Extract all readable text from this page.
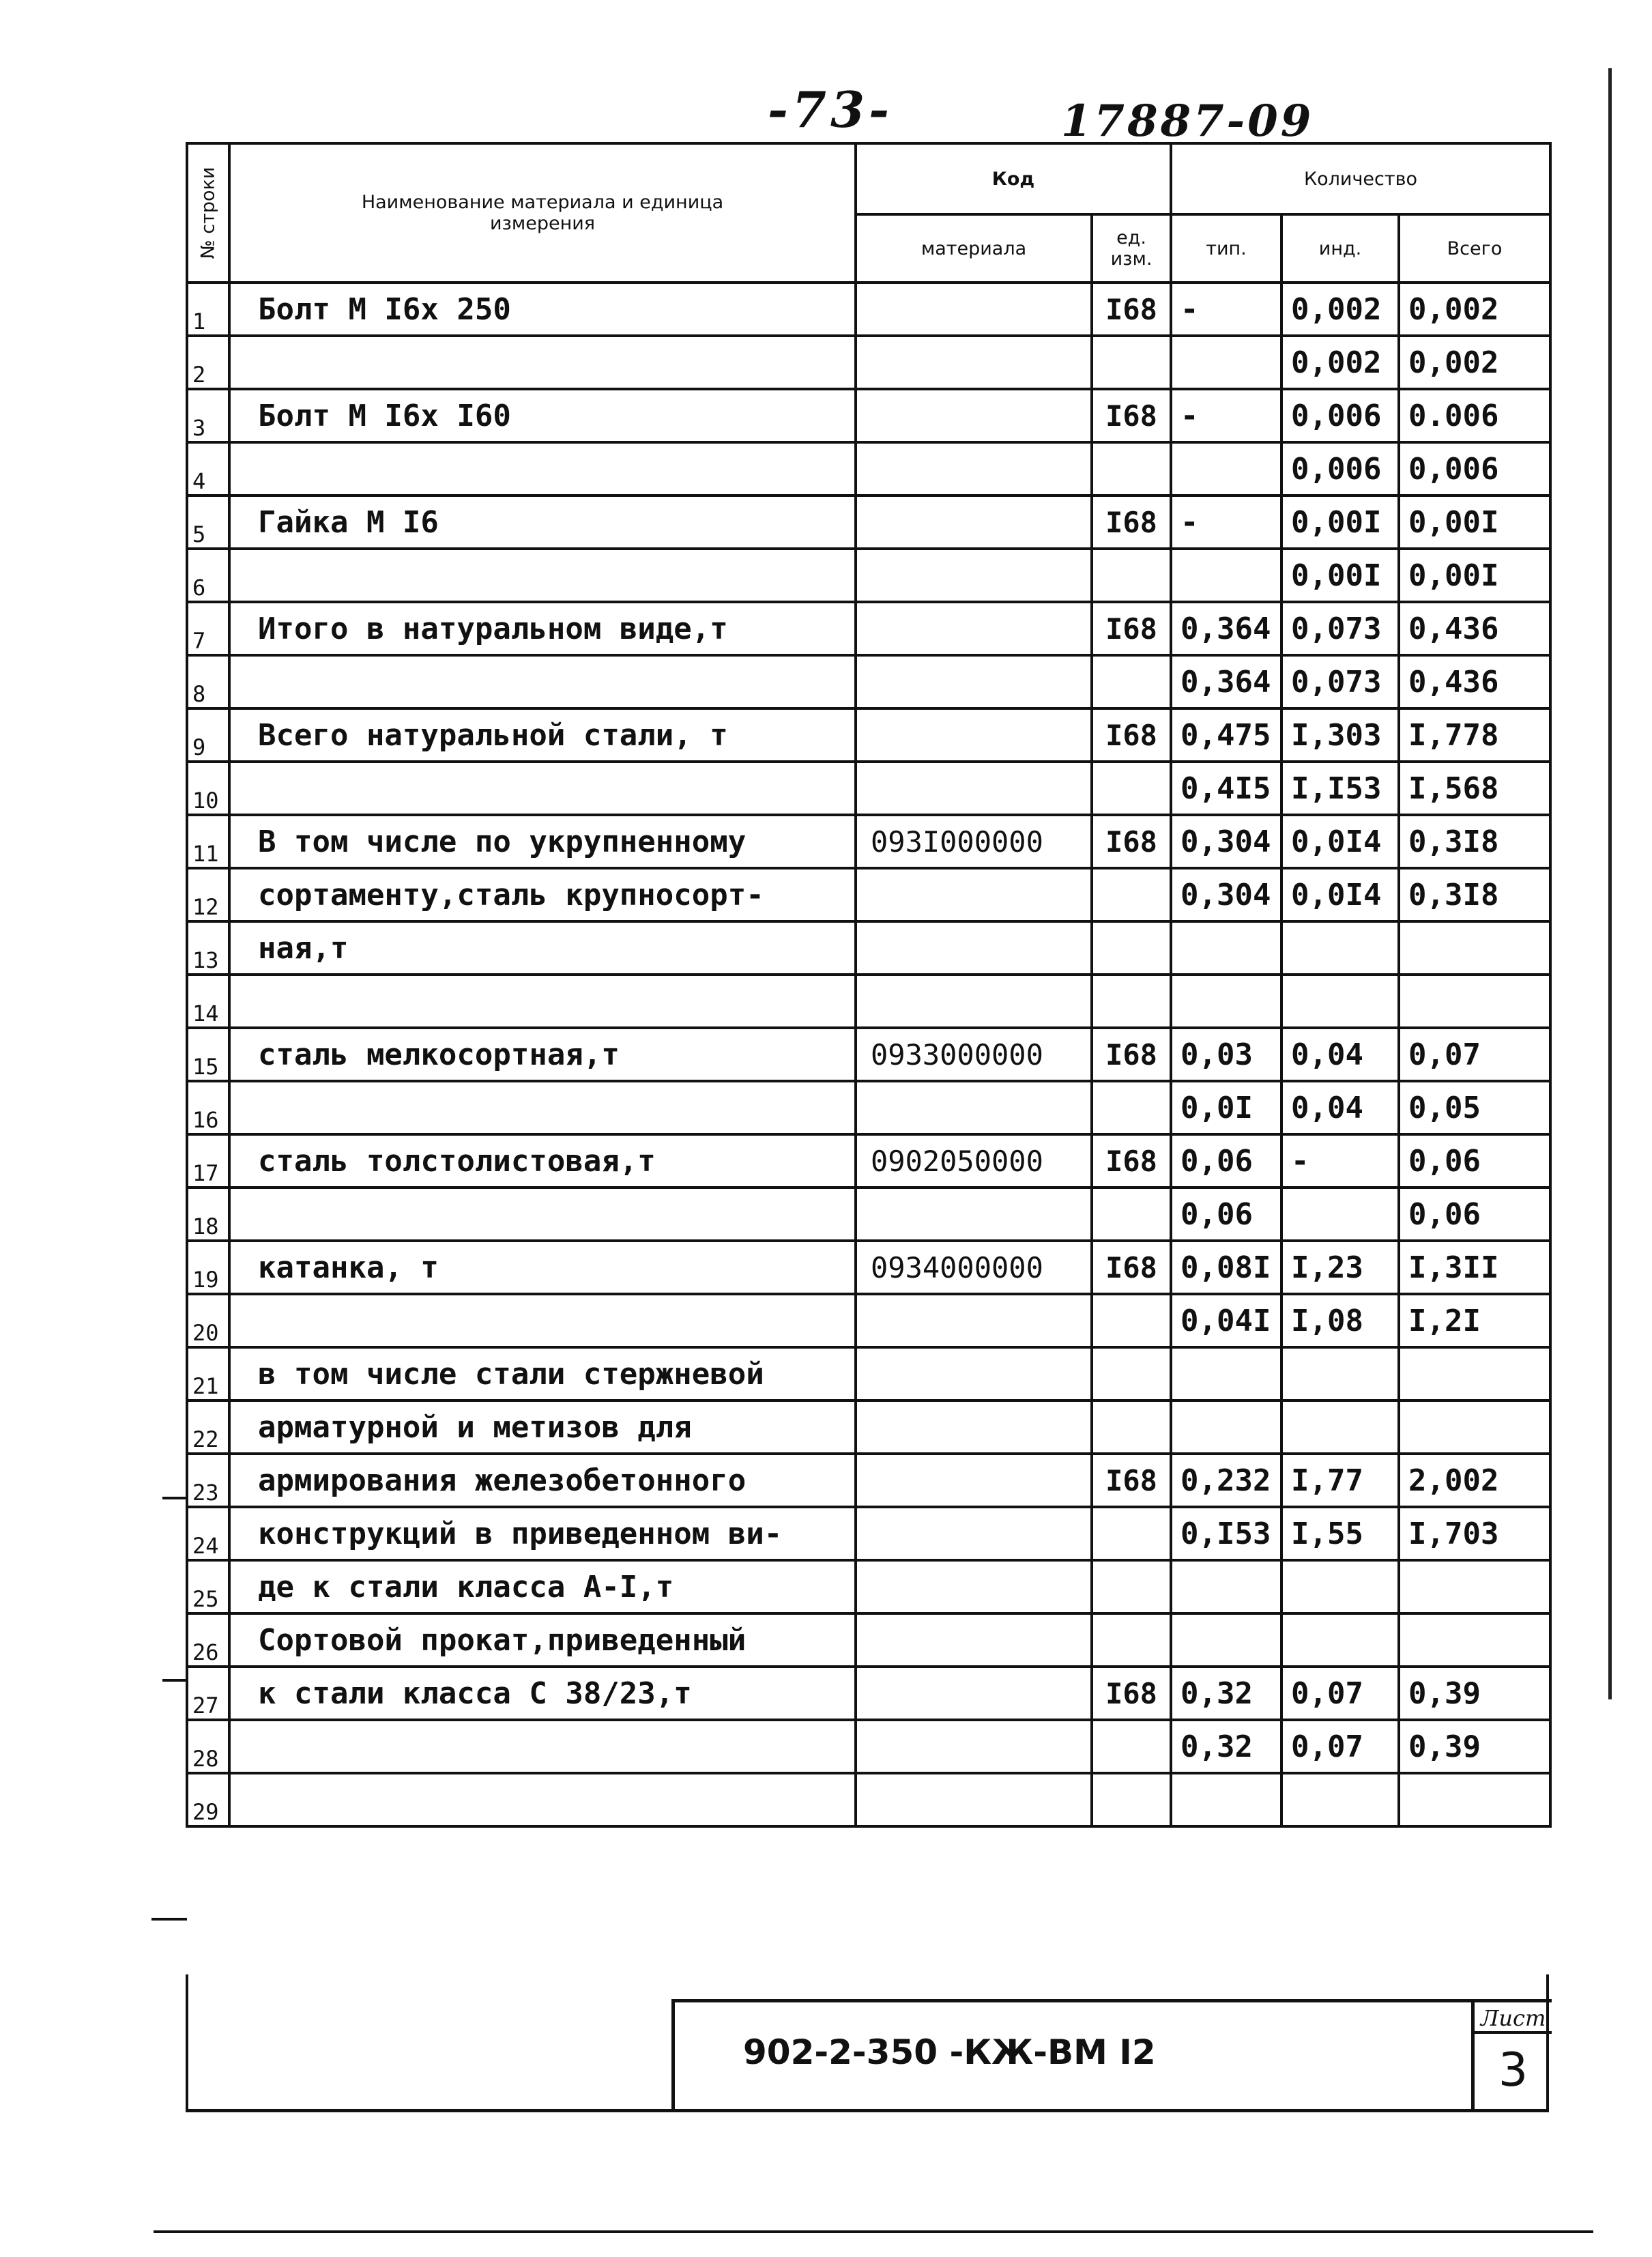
-73-	17887-09
№ строки	Наименование материала и единица измерения	Код		Количество		
		материала	ед. изм.	тип.	инд.	Всего
1	Болт М I6х 250		I68	-	0,002	0,002
2					0,002	0,002
3	Болт М I6х I60		I68	-	0,006	0.006
4					0,006	0,006
5	Гайка М I6		I68	-	0,00I	0,00I
6					0,00I	0,00I
7	Итого в натуральном виде,т		I68	0,364	0,073	0,436
8				0,364	0,073	0,436
9	Всего натуральной стали, т		I68	0,475	I,303	I,778
10				0,4I5	I,I53	I,568
11	В том числе по укрупненному	093I000000	I68	0,304	0,0I4	0,3I8
12	сортаменту,сталь крупносорт-			0,304	0,0I4	0,3I8
13	ная,т					
14						
15	сталь мелкосортная,т	0933000000	I68	0,03	0,04	0,07
16				0,0I	0,04	0,05
17	сталь толстолистовая,т	0902050000	I68	0,06	-	0,06
18				0,06		0,06
19	катанка, т	0934000000	I68	0,08I	I,23	I,3II
20				0,04I	I,08	I,2I
21	в том числе стали стержневой					
22	арматурной и метизов для					
23	армирования железобетонного		I68	0,232	I,77	2,002
24	конструкций в приведенном ви-			0,I53	I,55	I,703
25	де к стали класса А-I,т					
26	Сортовой прокат,приведенный					
27	к стали класса С 38/23,т		I68	0,32	0,07	0,39
28				0,32	0,07	0,39
29						
902-2-350 -КЖ-ВМ I2
Лист
3
